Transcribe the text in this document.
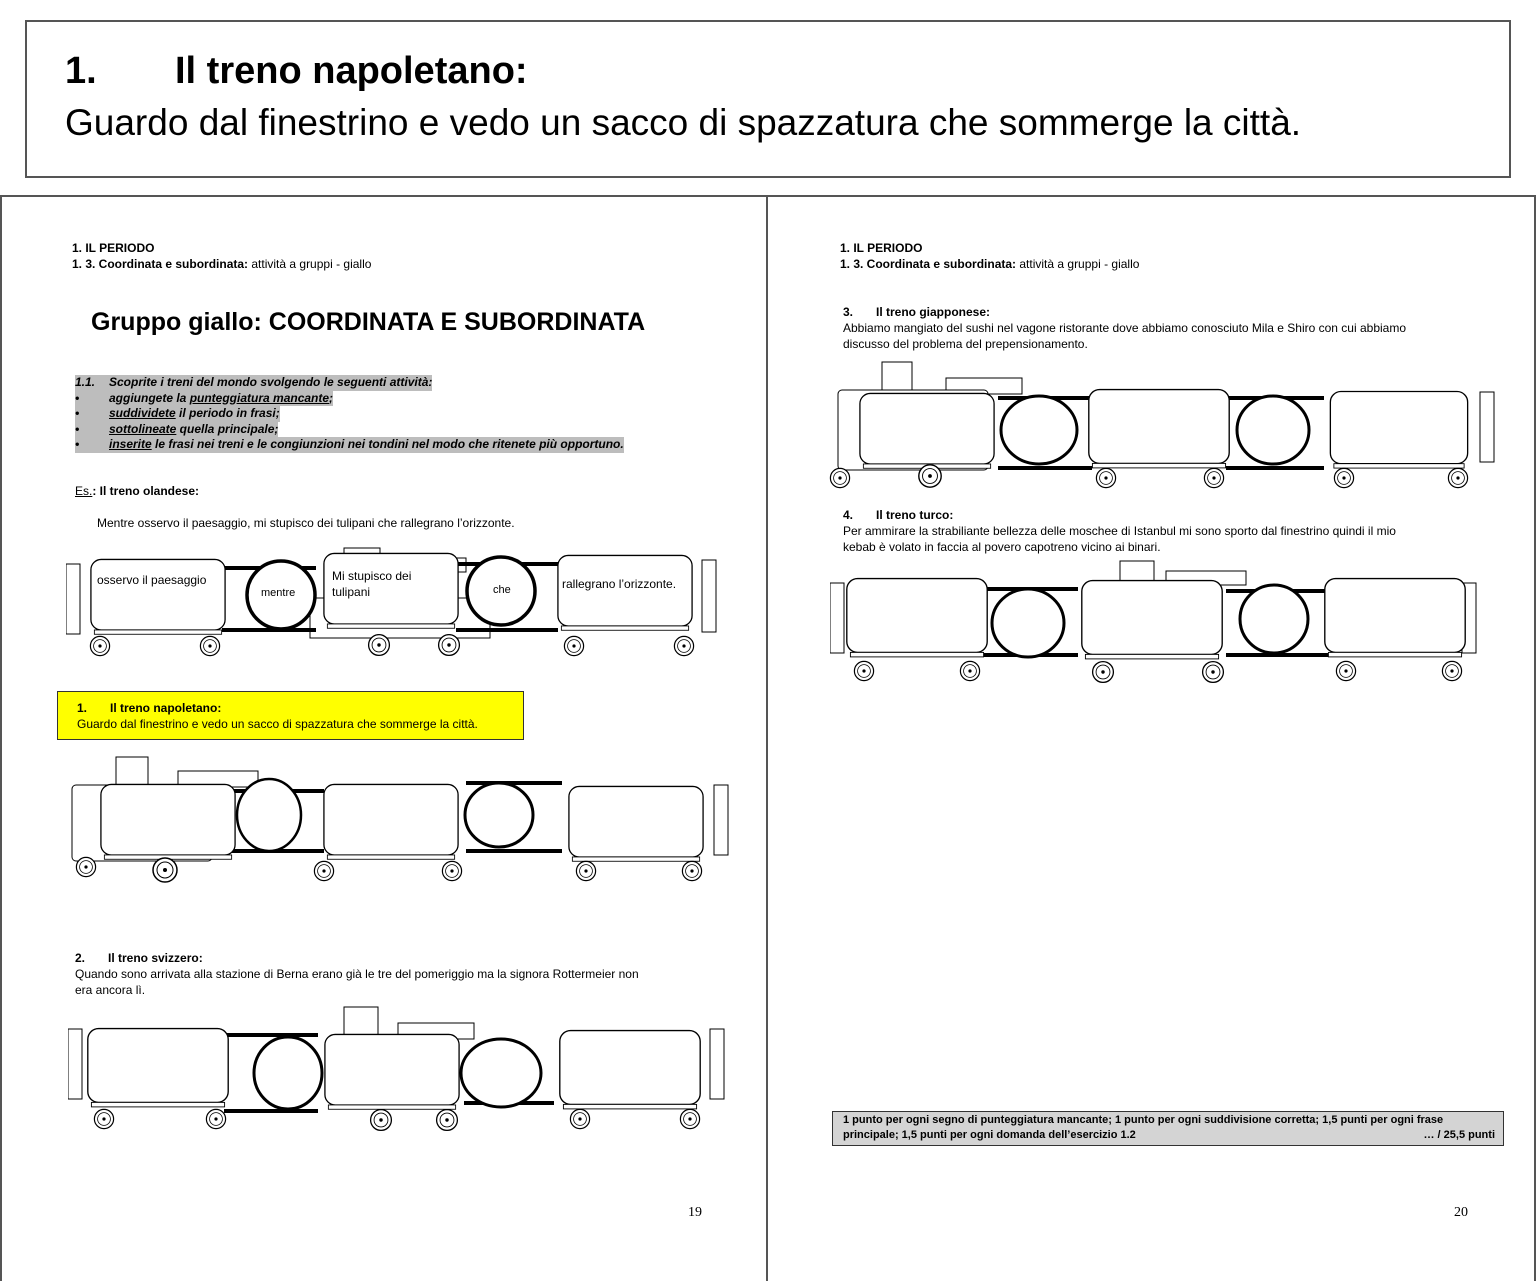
1. Il treno napoletano:
Guardo dal finestrino e vedo un sacco di spazzatura che sommerge la città.
1. IL PERIODO
1. 3. Coordinata e subordinata: attività a gruppi - giallo
Gruppo giallo: COORDINATA E SUBORDINATA
1.1. Scoprite i treni del mondo svolgendo le seguenti attività:
• aggiungete la punteggiatura mancante;
• suddividete il periodo in frasi;
• sottolineate quella principale;
• inserite le frasi nei treni e le congiunzioni nei tondini nel modo che ritenete più opportuno.
Es.: Il treno olandese:
Mentre osservo il paesaggio, mi stupisco dei tulipani che rallegrano l’orizzonte.
osservo il paesaggio
mentre
Mi stupisco dei
tulipani	che	rallegrano l’orizzonte.
1. Il treno napoletano:
Guardo dal finestrino e vedo un sacco di spazzatura che sommerge la città.
2. Il treno svizzero:
Quando sono arrivata alla stazione di Berna erano già le tre del pomeriggio ma la signora Rottermeier non
era ancora lì.
19
1. IL PERIODO
1. 3. Coordinata e subordinata: attività a gruppi - giallo
3. Il treno giapponese:
Abbiamo mangiato del sushi nel vagone ristorante dove abbiamo conosciuto Mila e Shiro con cui abbiamo
discusso del problema del prepensionamento.
4. Il treno turco:
Per ammirare la strabiliante bellezza delle moschee di Istanbul mi sono sporto dal finestrino quindi il mio
kebab è volato in faccia al povero capotreno vicino ai binari.
20
1 punto per ogni segno di punteggiatura mancante; 1 punto per ogni suddivisione corretta; 1,5 punti per ogni frase
principale; 1,5 punti per ogni domanda dell’esercizio 1.2	… / 25,5 punti
